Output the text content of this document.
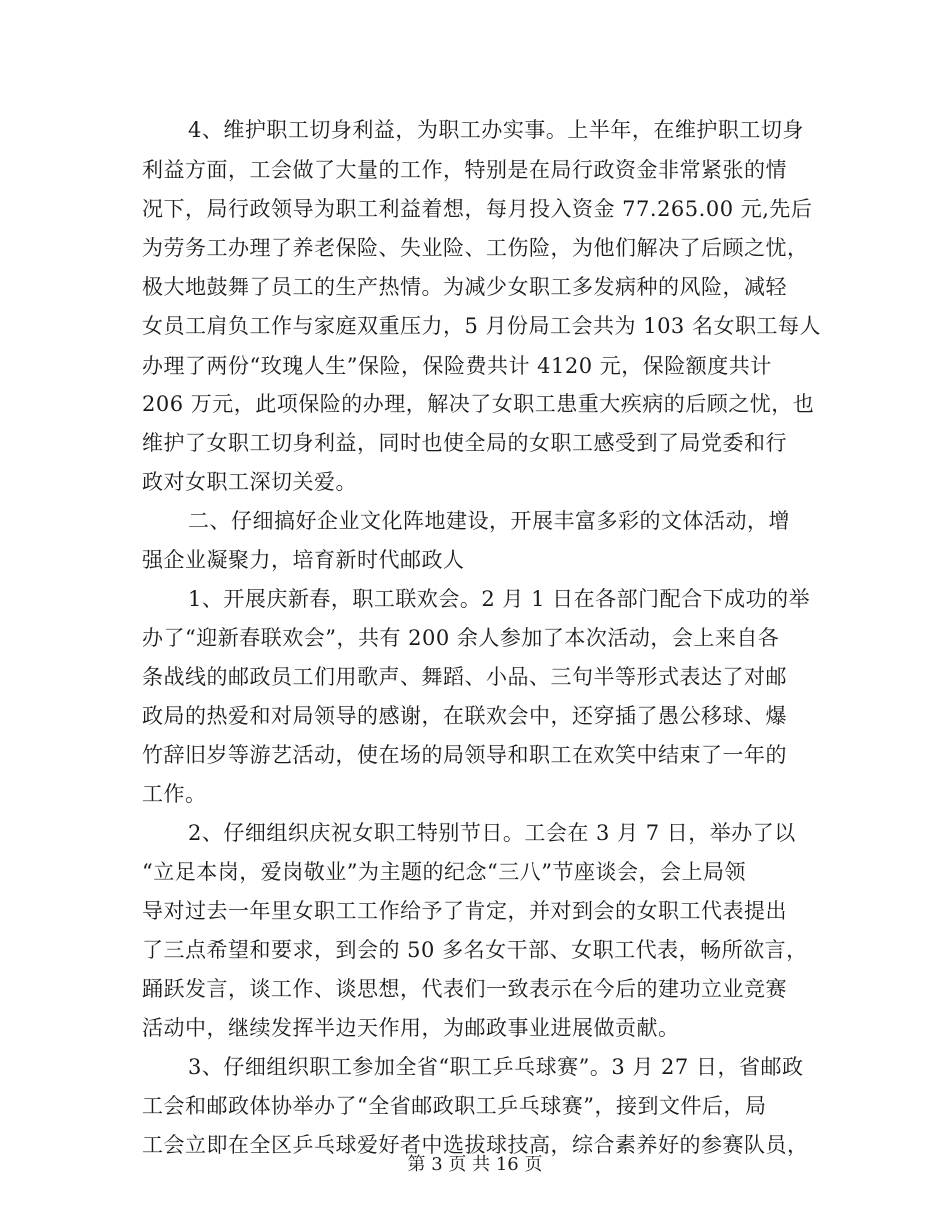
4、维护职工切身利益，为职工办实事。上半年，在维护职工切身
利益方面，工会做了大量的工作，特别是在局行政资金非常紧张的情
况下，局行政领导为职工利益着想，每月投入资金 77.265.00 元,先后
为劳务工办理了养老保险、失业险、工伤险，为他们解决了后顾之忧，
极大地鼓舞了员工的生产热情。为减少女职工多发病种的风险，减轻
女员工肩负工作与家庭双重压力，5 月份局工会共为 103 名女职工每人
办理了两份“玫瑰人生”保险，保险费共计 4120 元，保险额度共计
206 万元，此项保险的办理，解决了女职工患重大疾病的后顾之忧，也
维护了女职工切身利益，同时也使全局的女职工感受到了局党委和行
政对女职工深切关爱。
二、仔细搞好企业文化阵地建设，开展丰富多彩的文体活动，增
强企业凝聚力，培育新时代邮政人
1、开展庆新春，职工联欢会。2 月 1 日在各部门配合下成功的举
办了“迎新春联欢会”，共有 200 余人参加了本次活动，会上来自各
条战线的邮政员工们用歌声、舞蹈、小品、三句半等形式表达了对邮
政局的热爱和对局领导的感谢，在联欢会中，还穿插了愚公移球、爆
竹辞旧岁等游艺活动，使在场的局领导和职工在欢笑中结束了一年的
工作。
2、仔细组织庆祝女职工特别节日。工会在 3 月 7 日，举办了以
“立足本岗，爱岗敬业”为主题的纪念“三八”节座谈会，会上局领
导对过去一年里女职工工作给予了肯定，并对到会的女职工代表提出
了三点希望和要求，到会的 50 多名女干部、女职工代表，畅所欲言，
踊跃发言，谈工作、谈思想，代表们一致表示在今后的建功立业竞赛
活动中，继续发挥半边天作用，为邮政事业进展做贡献。
3、仔细组织职工参加全省“职工乒乓球赛”。3 月 27 日，省邮政
工会和邮政体协举办了“全省邮政职工乒乓球赛”，接到文件后，局
工会立即在全区乒乓球爱好者中选拔球技高，综合素养好的参赛队员，
第 3 页 共 16 页
